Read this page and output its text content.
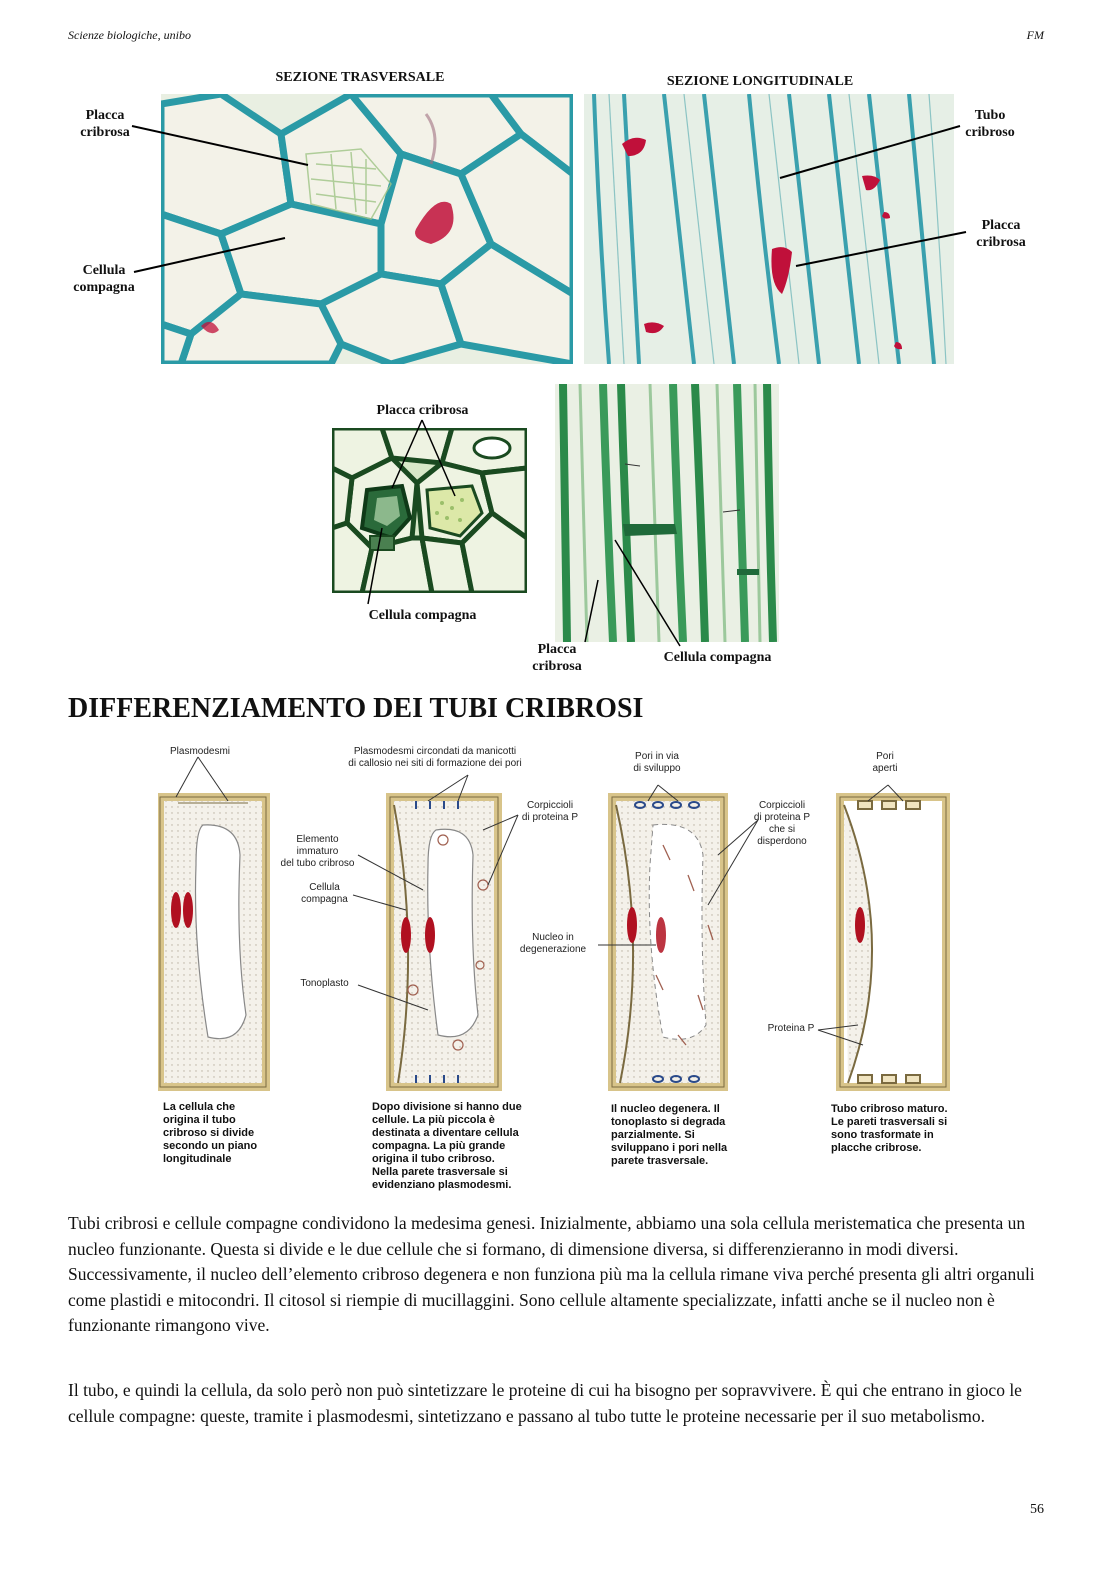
Scienze biologiche, unibo	FM
SEZIONE TRASVERSALE	SEZIONE LONGITUDINALE
Placca
cribrosa
Cellula
compagna
Tubo
cribroso
Placca
cribrosa
Placca cribrosa
Cellula compagna
Placca
cribrosa
Cellula compagna
DIFFERENZIAMENTO DEI TUBI CRIBROSI
Plasmodesmi	Plasmodesmi circondati da manicotti
di callosio nei siti di formazione dei pori
Corpiccioli
di proteina P
Elemento
immaturo
del tubo cribroso
Cellula
compagna
Tonoplasto
Pori in via
di sviluppo
Corpiccioli
di proteina P
che si
disperdono
Nucleo in
degenerazione
Pori
aperti
Proteina P
La cellula che
origina il tubo
cribroso si divide
secondo un piano
longitudinale
Dopo divisione si hanno due
cellule. La più piccola è
destinata a diventare cellula
compagna. La più grande
origina il tubo cribroso.
Nella parete trasversale si
evidenziano plasmodesmi.
Il nucleo degenera. Il
tonoplasto si degrada
parzialmente. Si
sviluppano i pori nella
parete trasversale.
Tubo cribroso maturo.
Le pareti trasversali si
sono trasformate in
placche cribrose.
Tubi cribrosi e cellule compagne condividono la medesima genesi. Inizialmente, abbiamo una sola cellula meristematica che presenta un nucleo funzionante. Questa si divide e le due cellule che si formano, di dimensione diversa, si differenzieranno in modi diversi. Successivamente, il nucleo dell’elemento cribroso degenera e non funziona più ma la cellula rimane viva perché presenta gli altri organuli come plastidi e mitocondri. Il citosol si riempie di mucillaggini. Sono cellule altamente specializzate, infatti anche se il nucleo non è funzionante rimangono vive.
Il tubo, e quindi la cellula, da solo però non può sintetizzare le proteine di cui ha bisogno per sopravvivere. È qui che entrano in gioco le cellule compagne: queste, tramite i plasmodesmi, sintetizzano e passano al tubo tutte le proteine necessarie per il suo metabolismo.
56
